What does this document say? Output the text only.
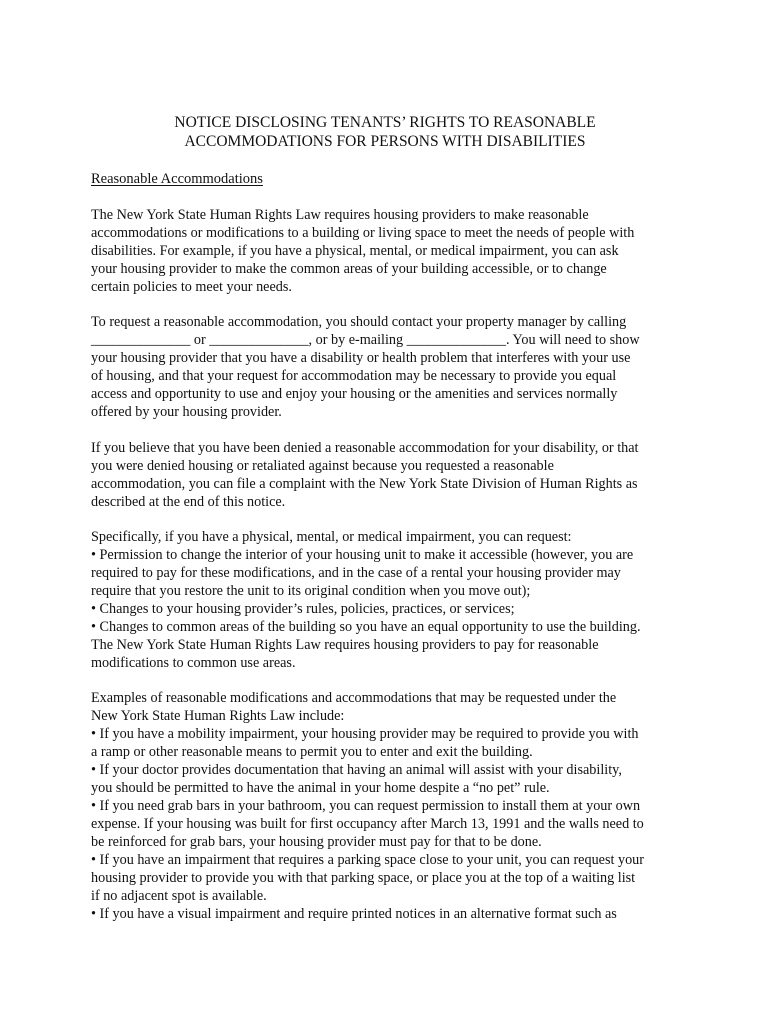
NOTICE DISCLOSING TENANTS’ RIGHTS TO REASONABLE
ACCOMMODATIONS FOR PERSONS WITH DISABILITIES
Reasonable Accommodations
The New York State Human Rights Law requires housing providers to make reasonable
accommodations or modifications to a building or living space to meet the needs of people with
disabilities. For example, if you have a physical, mental, or medical impairment, you can ask
your housing provider to make the common areas of your building accessible, or to change
certain policies to meet your needs.
To request a reasonable accommodation, you should contact your property manager by calling
______________ or ______________, or by e-mailing ______________. You will need to show
your housing provider that you have a disability or health problem that interferes with your use
of housing, and that your request for accommodation may be necessary to provide you equal
access and opportunity to use and enjoy your housing or the amenities and services normally
offered by your housing provider.
If you believe that you have been denied a reasonable accommodation for your disability, or that
you were denied housing or retaliated against because you requested a reasonable
accommodation, you can file a complaint with the New York State Division of Human Rights as
described at the end of this notice.
Specifically, if you have a physical, mental, or medical impairment, you can request:
• Permission to change the interior of your housing unit to make it accessible (however, you are
required to pay for these modifications, and in the case of a rental your housing provider may
require that you restore the unit to its original condition when you move out);
• Changes to your housing provider’s rules, policies, practices, or services;
• Changes to common areas of the building so you have an equal opportunity to use the building.
The New York State Human Rights Law requires housing providers to pay for reasonable
modifications to common use areas.
Examples of reasonable modifications and accommodations that may be requested under the
New York State Human Rights Law include:
• If you have a mobility impairment, your housing provider may be required to provide you with
a ramp or other reasonable means to permit you to enter and exit the building.
• If your doctor provides documentation that having an animal will assist with your disability,
you should be permitted to have the animal in your home despite a “no pet” rule.
• If you need grab bars in your bathroom, you can request permission to install them at your own
expense. If your housing was built for first occupancy after March 13, 1991 and the walls need to
be reinforced for grab bars, your housing provider must pay for that to be done.
• If you have an impairment that requires a parking space close to your unit, you can request your
housing provider to provide you with that parking space, or place you at the top of a waiting list
if no adjacent spot is available.
• If you have a visual impairment and require printed notices in an alternative format such as
